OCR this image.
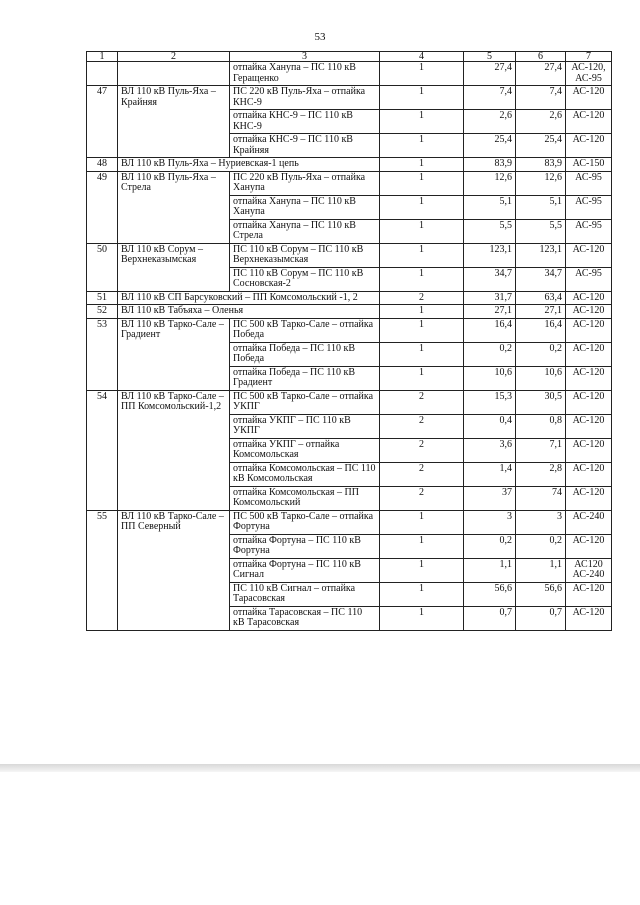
53
1	2	3	4	5	6	7
		отпайка Ханупа – ПС 110 кВ Геращенко	1	27,4	27,4	АС-120, АС-95
47	ВЛ 110 кВ Пуль-Яха – Крайняя	ПС 220 кВ Пуль-Яха – отпайка КНС-9	1	7,4	7,4	АС-120
		отпайка КНС-9 – ПС 110 кВ КНС-9	1	2,6	2,6	АС-120
		отпайка КНС-9 – ПС 110 кВ Крайняя	1	25,4	25,4	АС-120
48	ВЛ 110 кВ Пуль-Яха – Нуриевская-1 цепь		1	83,9	83,9	АС-150
49	ВЛ 110 кВ Пуль-Яха – Стрела	ПС 220 кВ Пуль-Яха – отпайка Ханупа	1	12,6	12,6	АС-95
		отпайка Ханупа – ПС 110 кВ Ханупа	1	5,1	5,1	АС-95
		отпайка Ханупа – ПС 110 кВ Стрела	1	5,5	5,5	АС-95
50	ВЛ 110 кВ Сорум – Верхнеказымская	ПС 110 кВ Сорум – ПС 110 кВ Верхнеказымская	1	123,1	123,1	АС-120
		ПС 110 кВ Сорум – ПС 110 кВ Сосновская-2	1	34,7	34,7	АС-95
51	ВЛ 110 кВ СП Барсуковский – ПП Комсомольский -1, 2		2	31,7	63,4	АС-120
52	ВЛ 110 кВ Табъяха – Оленья		1	27,1	27,1	АС-120
53	ВЛ 110 кВ Тарко-Сале – Градиент	ПС 500 кВ Тарко-Сале – отпайка Победа	1	16,4	16,4	АС-120
		отпайка Победа – ПС 110 кВ Победа	1	0,2	0,2	АС-120
		отпайка Победа – ПС 110 кВ Градиент	1	10,6	10,6	АС-120
54	ВЛ 110 кВ Тарко-Сале – ПП Комсомольский-1,2	ПС 500 кВ Тарко-Сале – отпайка УКПГ	2	15,3	30,5	АС-120
		отпайка УКПГ – ПС 110 кВ УКПГ	2	0,4	0,8	АС-120
		отпайка УКПГ – отпайка Комсомольская	2	3,6	7,1	АС-120
		отпайка Комсомольская – ПС 110 кВ Комсомольская	2	1,4	2,8	АС-120
		отпайка Комсомольская – ПП Комсомольский	2	37	74	АС-120
55	ВЛ 110 кВ Тарко-Сале – ПП Северный	ПС 500 кВ Тарко-Сале – отпайка Фортуна	1	3	3	АС-240
		отпайка Фортуна – ПС 110 кВ Фортуна	1	0,2	0,2	АС-120
		отпайка Фортуна – ПС 110 кВ Сигнал	1	1,1	1,1	АС120 АС-240
		ПС 110 кВ Сигнал – отпайка Тарасовская	1	56,6	56,6	АС-120
		отпайка Тарасовская – ПС 110 кВ Тарасовская	1	0,7	0,7	АС-120
